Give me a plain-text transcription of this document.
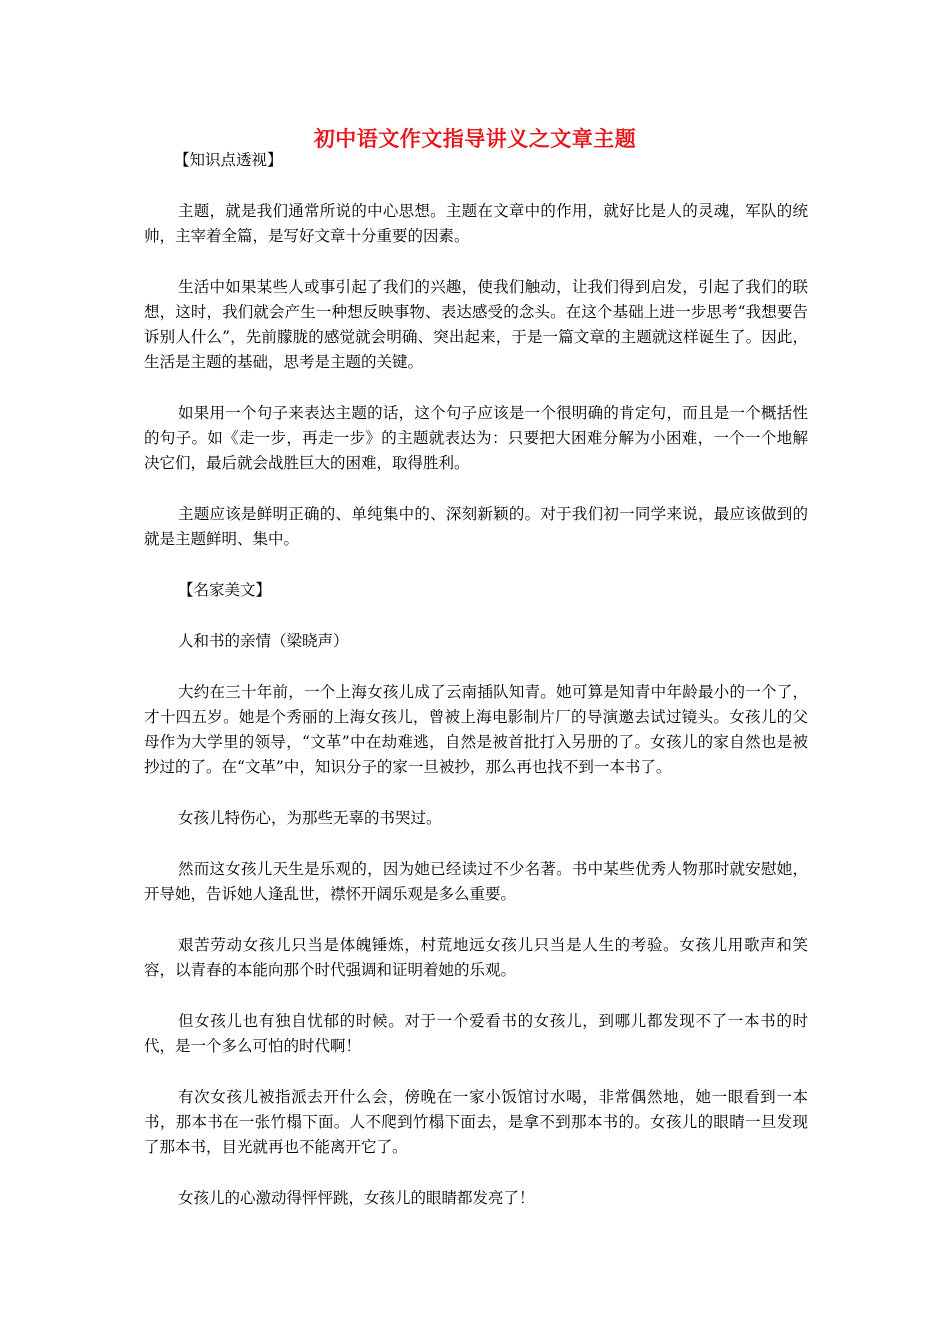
初中语文作文指导讲义之文章主题

【知识点透视】

主题，就是我们通常所说的中心思想。主题在文章中的作用，就好比是人的灵魂，军队的统帅，主宰着全篇，是写好文章十分重要的因素。

生活中如果某些人或事引起了我们的兴趣，使我们触动，让我们得到启发，引起了我们的联想，这时，我们就会产生一种想反映事物、表达感受的念头。在这个基础上进一步思考“我想要告诉别人什么”，先前朦胧的感觉就会明确、突出起来，于是一篇文章的主题就这样诞生了。因此，生活是主题的基础，思考是主题的关键。

如果用一个句子来表达主题的话，这个句子应该是一个很明确的肯定句，而且是一个概括性的句子。如《走一步，再走一步》的主题就表达为：只要把大困难分解为小困难，一个一个地解决它们，最后就会战胜巨大的困难，取得胜利。

主题应该是鲜明正确的、单纯集中的、深刻新颖的。对于我们初一同学来说，最应该做到的就是主题鲜明、集中。

【名家美文】

人和书的亲情（梁晓声）

大约在三十年前，一个上海女孩儿成了云南插队知青。她可算是知青中年龄最小的一个了，才十四五岁。她是个秀丽的上海女孩儿，曾被上海电影制片厂的导演邀去试过镜头。女孩儿的父母作为大学里的领导，“文革”中在劫难逃，自然是被首批打入另册的了。女孩儿的家自然也是被抄过的了。在“文革”中，知识分子的家一旦被抄，那么再也找不到一本书了。

女孩儿特伤心，为那些无辜的书哭过。

然而这女孩儿天生是乐观的，因为她已经读过不少名著。书中某些优秀人物那时就安慰她，开导她，告诉她人逢乱世，襟怀开阔乐观是多么重要。

艰苦劳动女孩儿只当是体魄锤炼，村荒地远女孩儿只当是人生的考验。女孩儿用歌声和笑容，以青春的本能向那个时代强调和证明着她的乐观。

但女孩儿也有独自忧郁的时候。对于一个爱看书的女孩儿，到哪儿都发现不了一本书的时代，是一个多么可怕的时代啊！

有次女孩儿被指派去开什么会，傍晚在一家小饭馆讨水喝，非常偶然地，她一眼看到一本书，那本书在一张竹榻下面。人不爬到竹榻下面去，是拿不到那本书的。女孩儿的眼睛一旦发现了那本书，目光就再也不能离开它了。

女孩儿的心激动得怦怦跳，女孩儿的眼睛都发亮了！
